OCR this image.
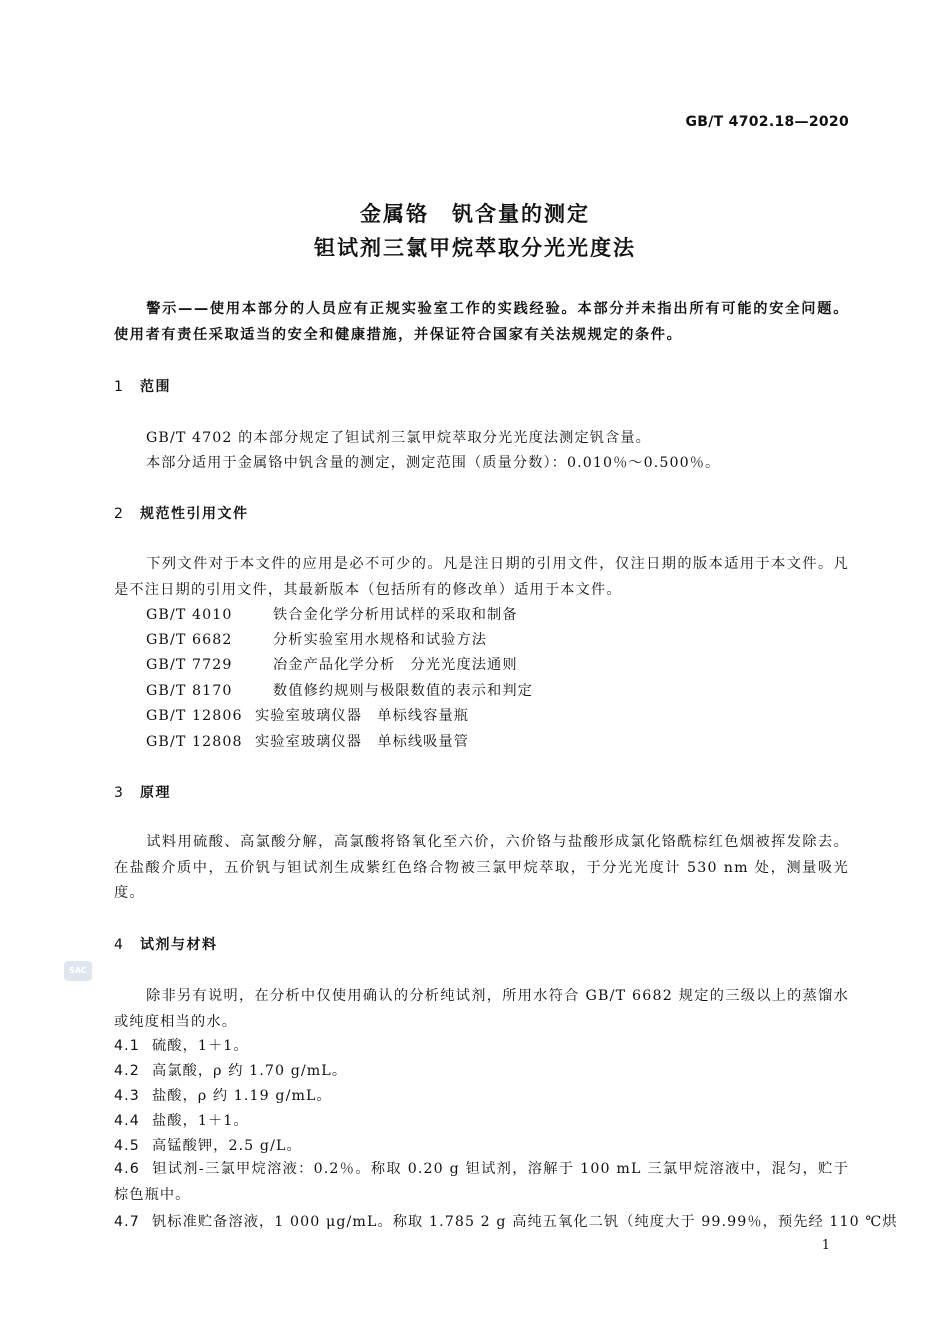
GB/T 4702.18—2020
金属铬　钒含量的测定
钽试剂三氯甲烷萃取分光光度法
警示——使用本部分的人员应有正规实验室工作的实践经验。本部分并未指出所有可能的安全问题。使用者有责任采取适当的安全和健康措施，并保证符合国家有关法规规定的条件。
1 范围
GB/T 4702 的本部分规定了钽试剂三氯甲烷萃取分光光度法测定钒含量。
本部分适用于金属铬中钒含量的测定，测定范围（质量分数）：0.010％～0.500％。
2 规范性引用文件
下列文件对于本文件的应用是必不可少的。凡是注日期的引用文件，仅注日期的版本适用于本文件。凡是不注日期的引用文件，其最新版本（包括所有的修改单）适用于本文件。
GB/T 4010	铁合金化学分析用试样的采取和制备
GB/T 6682	分析实验室用水规格和试验方法
GB/T 7729	冶金产品化学分析　分光光度法通则
GB/T 8170	数值修约规则与极限数值的表示和判定
GB/T 12806 实验室玻璃仪器　单标线容量瓶
GB/T 12808 实验室玻璃仪器　单标线吸量管
3 原理
试料用硫酸、高氯酸分解，高氯酸将铬氧化至六价，六价铬与盐酸形成氯化铬酰棕红色烟被挥发除去。在盐酸介质中，五价钒与钽试剂生成紫红色络合物被三氯甲烷萃取，于分光光度计 530 nm 处，测量吸光度。
4 试剂与材料
除非另有说明，在分析中仅使用确认的分析纯试剂，所用水符合 GB/T 6682 规定的三级以上的蒸馏水或纯度相当的水。
4.1 硫酸，1＋1。
4.2 高氯酸，ρ 约 1.70 g/mL。
4.3 盐酸，ρ 约 1.19 g/mL。
4.4 盐酸，1＋1。
4.5 高锰酸钾，2.5 g/L。
4.6 钽试剂-三氯甲烷溶液：0.2％。称取 0.20 g 钽试剂，溶解于 100 mL 三氯甲烷溶液中，混匀，贮于棕色瓶中。
4.7 钒标准贮备溶液，1 000 μg/mL。称取 1.785 2 g 高纯五氧化二钒（纯度大于 99.99％，预先经 110 ℃烘
SAC
1
